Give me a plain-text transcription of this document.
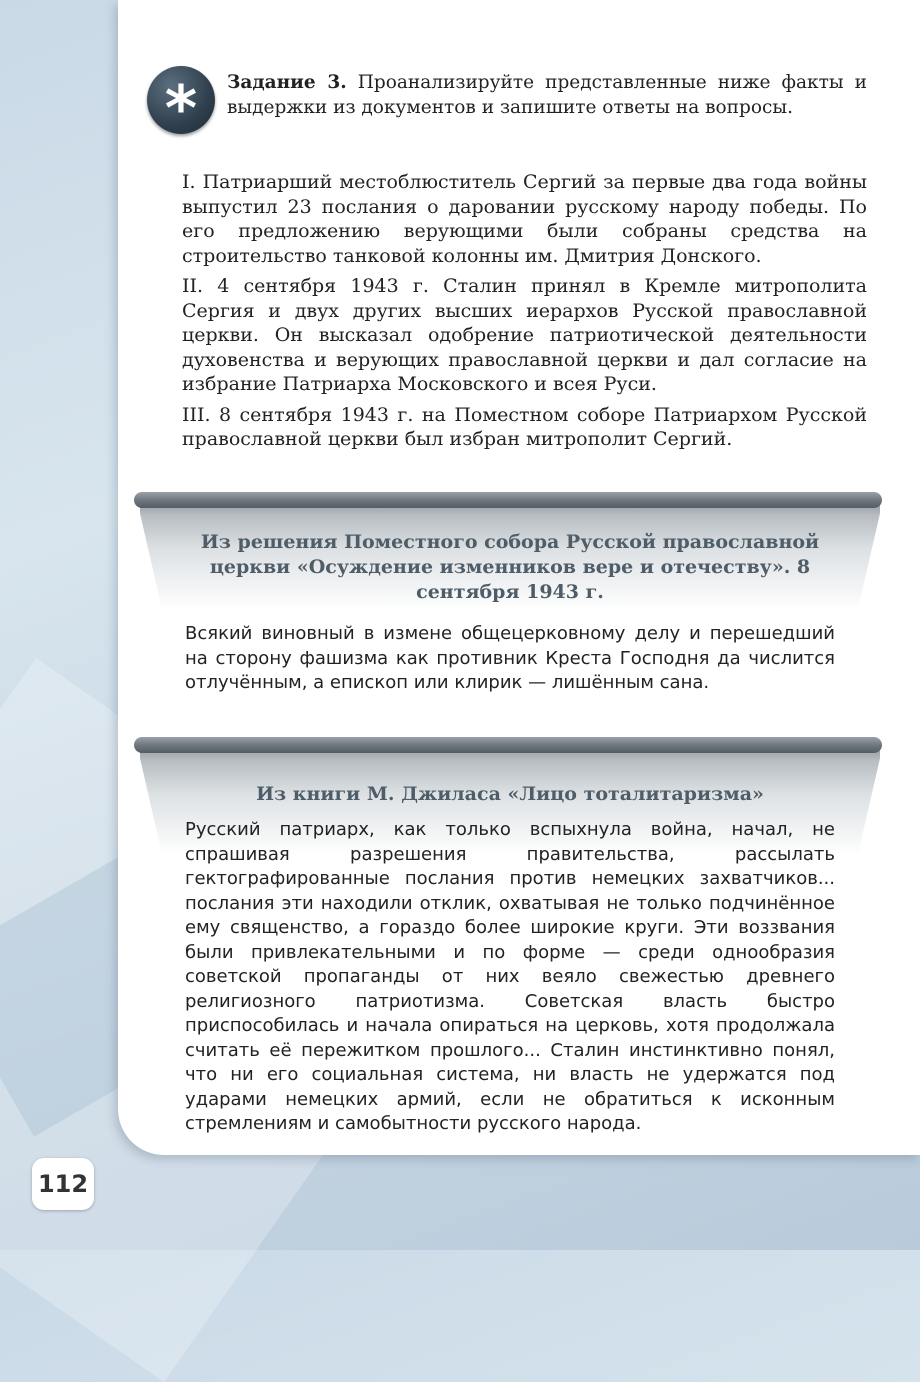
* Задание 3. Проанализируйте представленные ниже факты и выдержки из документов и запишите ответы на вопросы.

I. Патриарший местоблюститель Сергий за первые два года войны выпустил 23 послания о даровании русскому народу победы. По его предложению верующими были собраны средства на строительство танковой колонны им. Дмитрия Донского.

II. 4 сентября 1943 г. Сталин принял в Кремле митрополита Сергия и двух других высших иерархов Русской православной церкви. Он высказал одобрение патриотической деятельности духовенства и верующих православной церкви и дал согласие на избрание Патриарха Московского и всея Руси.

III. 8 сентября 1943 г. на Поместном соборе Патриархом Русской православной церкви был избран митрополит Сергий.

Из решения Поместного собора Русской православной церкви «Осуждение изменников вере и отечеству». 8 сентября 1943 г.
Всякий виновный в измене общецерковному делу и перешедший на сторону фашизма как противник Креста Господня да числится отлучённым, а епископ или клирик — лишённым сана.
Из книги М. Джиласа «Лицо тоталитаризма»
Русский патриарх, как только вспыхнула война, начал, не спрашивая разрешения правительства, рассылать гектографированные послания против немецких захватчиков... послания эти находили отклик, охватывая не только подчинённое ему священство, а гораздо более широкие круги. Эти воззвания были привлекательными и по форме — среди однообразия советской пропаганды от них веяло свежестью древнего религиозного патриотизма. Советская власть быстро приспособилась и начала опираться на церковь, хотя продолжала считать её пережитком прошлого... Сталин инстинктивно понял, что ни его социальная система, ни власть не удержатся под ударами немецких армий, если не обратиться к исконным стремлениям и самобытности русского народа.
112
